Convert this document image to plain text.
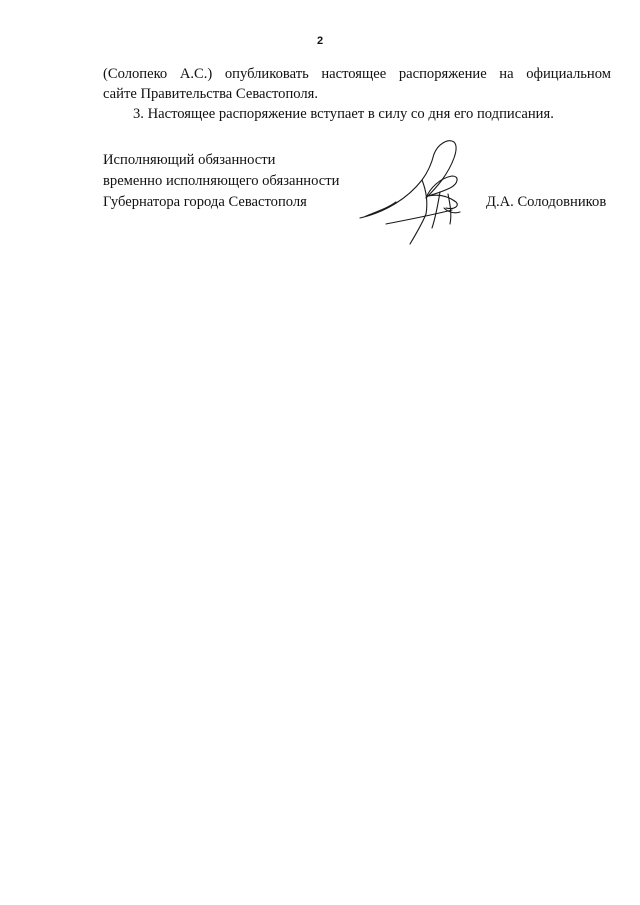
2

(Солопеко А.С.) опубликовать настоящее распоряжение на официальном
сайте Правительства Севастополя.

3. Настоящее распоряжение вступает в силу со дня его подписания.

Исполняющий обязанности
временно исполняющего обязанности
Губернатора города Севастополя	Д.А. Солодовников
